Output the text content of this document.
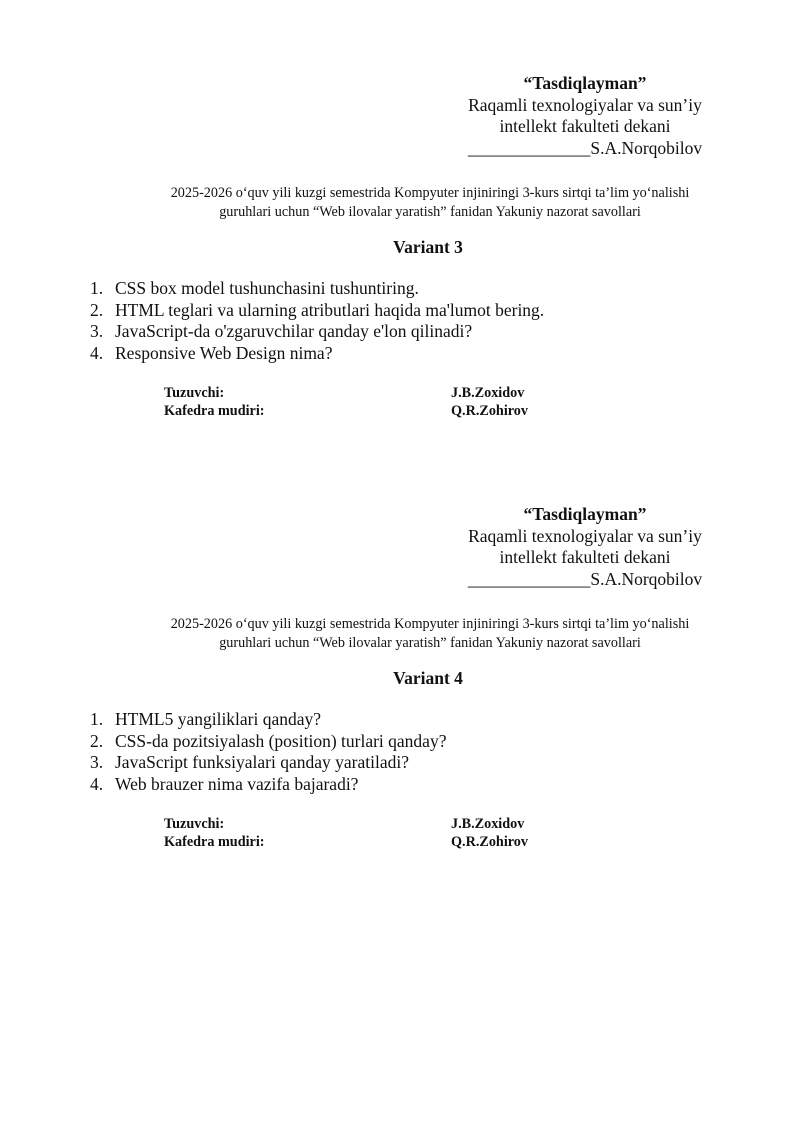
“Tasdiqlayman”
Raqamli texnologiyalar va sun’iy
intellekt fakulteti dekani
______________S.A.Norqobilov
2025-2026 o‘quv yili kuzgi semestrida Kompyuter injiniringi 3-kurs sirtqi ta’lim yo‘nalishi
guruhlari uchun “Web ilovalar yaratish” fanidan Yakuniy nazorat savollari
Variant 3
1. CSS box model tushunchasini tushuntiring.
2. HTML teglari va ularning atributlari haqida ma'lumot bering.
3. JavaScript-da o'zgaruvchilar qanday e'lon qilinadi?
4. Responsive Web Design nima?
Tuzuvchi:	J.B.Zoxidov
Kafedra mudiri:	Q.R.Zohirov
“Tasdiqlayman”
Raqamli texnologiyalar va sun’iy
intellekt fakulteti dekani
______________S.A.Norqobilov
2025-2026 o‘quv yili kuzgi semestrida Kompyuter injiniringi 3-kurs sirtqi ta’lim yo‘nalishi
guruhlari uchun “Web ilovalar yaratish” fanidan Yakuniy nazorat savollari
Variant 4
1. HTML5 yangiliklari qanday?
2. CSS-da pozitsiyalash (position) turlari qanday?
3. JavaScript funksiyalari qanday yaratiladi?
4. Web brauzer nima vazifa bajaradi?
Tuzuvchi:	J.B.Zoxidov
Kafedra mudiri:	Q.R.Zohirov
